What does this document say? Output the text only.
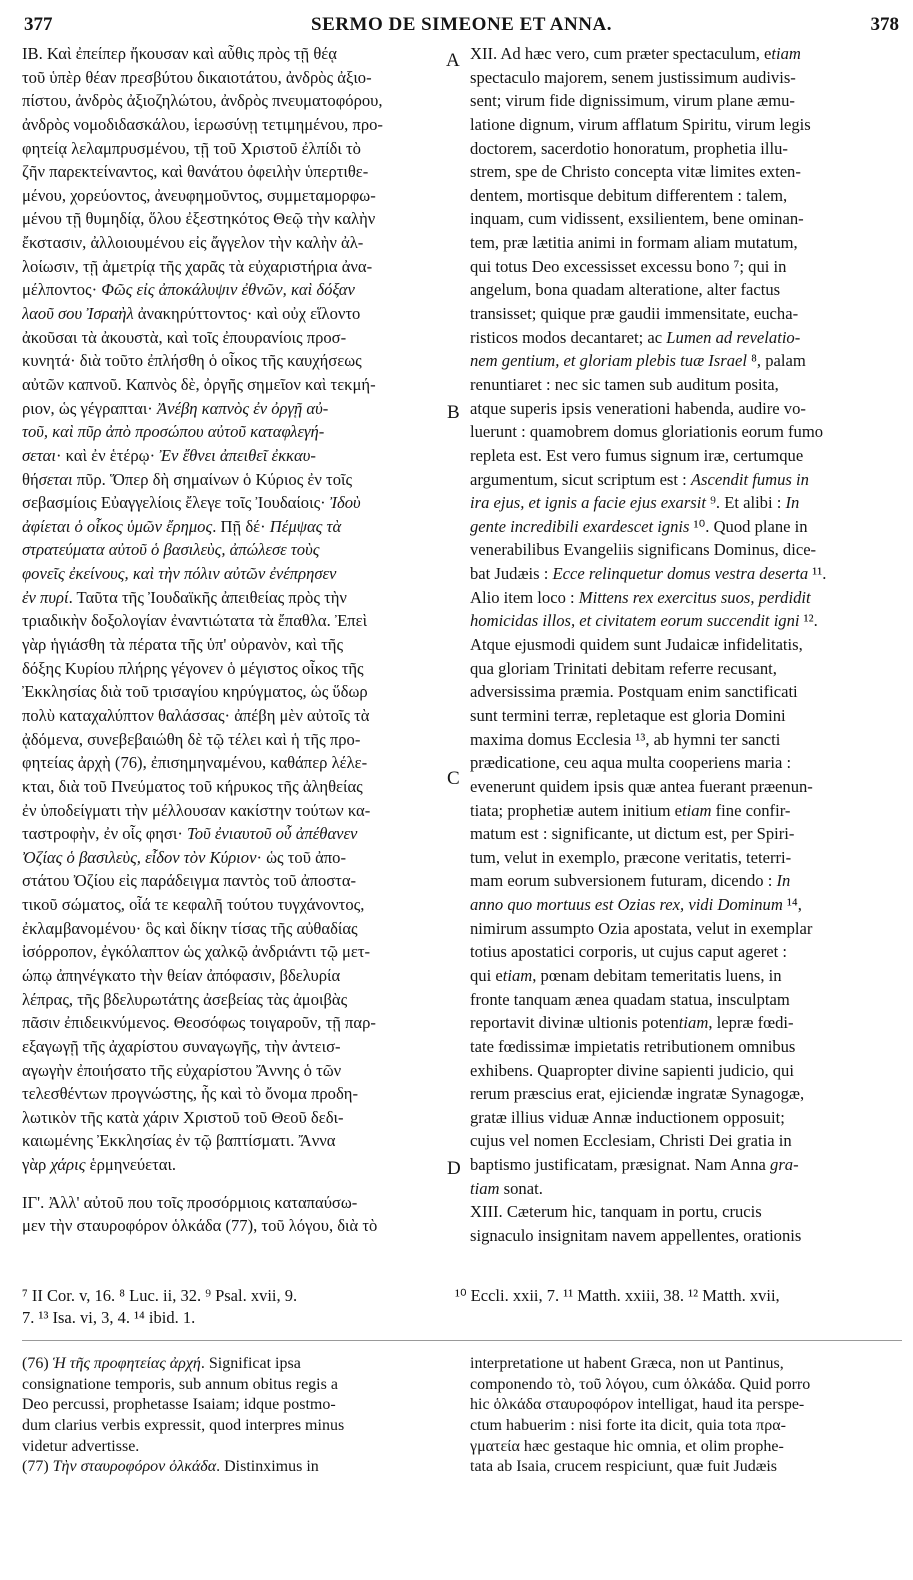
377	SERMO DE SIMEONE ET ANNA.	378
ΙΒ. Καὶ ἐπείπερ ἤκουσαν καὶ αὖθις πρὸς τῇ θέᾳ
τοῦ ὑπὲρ θέαν πρεσβύτου δικαιοτάτου, ἀνδρὸς ἀξιο-
πίστου, ἀνδρὸς ἀξιοζηλώτου, ἀνδρὸς πνευματοφόρου,
ἀνδρὸς νομοδιδασκάλου, ἱερωσύνῃ τετιμημένου, προ-
φητείᾳ λελαμπρυσμένου, τῇ τοῦ Χριστοῦ ἐλπίδι τὸ
ζῆν παρεκτείναντος, καὶ θανάτου ὀφειλὴν ὑπερτιθε-
μένου, χορεύοντος, ἀνευφημοῦντος, συμμεταμορφω-
μένου τῇ θυμηδίᾳ, ὅλου ἐξεστηκότος Θεῷ τὴν καλὴν
ἔκστασιν, ἀλλοιουμένου εἰς ἄγγελον τὴν καλὴν ἀλ-
λοίωσιν, τῇ ἀμετρίᾳ τῆς χαρᾶς τὰ εὐχαριστήρια ἀνα-
μέλποντος· Φῶς εἰς ἀποκάλυψιν ἐθνῶν, καὶ δόξαν
λαοῦ σου Ἰσραὴλ ἀνακηρύττοντος· καὶ οὐχ εἵλοντο
ἀκοῦσαι τὰ ἀκουστὰ, καὶ τοῖς ἐπουρανίοις προσ-
κυνητά· διὰ τοῦτο ἐπλήσθη ὁ οἶκος τῆς καυχήσεως
αὐτῶν καπνοῦ. Καπνὸς δὲ, ὀργῆς σημεῖον καὶ τεκμή-
ριον, ὡς γέγραπται· Ἀνέβη καπνὸς ἐν ὀργῇ αὐ-
τοῦ, καὶ πῦρ ἀπὸ προσώπου αὐτοῦ καταφλεγή-
σεται· καὶ ἐν ἑτέρῳ· Ἐν ἔθνει ἀπειθεῖ ἐκκαυ-
θήσεται πῦρ. Ὅπερ δὴ σημαίνων ὁ Κύριος ἐν τοῖς
σεβασμίοις Εὐαγγελίοις ἔλεγε τοῖς Ἰουδαίοις· Ἰδοὺ
ἀφίεται ὁ οἶκος ὑμῶν ἔρημος. Πῇ δέ· Πέμψας τὰ
στρατεύματα αὐτοῦ ὁ βασιλεὺς, ἀπώλεσε τοὺς
φονεῖς ἐκείνους, καὶ τὴν πόλιν αὐτῶν ἐνέπρησεν
ἐν πυρί. Ταῦτα τῆς Ἰουδαϊκῆς ἀπειθείας πρὸς τὴν
τριαδικὴν δοξολογίαν ἐναντιώτατα τὰ ἔπαθλα. Ἐπεὶ
γὰρ ἡγιάσθη τὰ πέρατα τῆς ὑπ' οὐρανὸν, καὶ τῆς
δόξης Κυρίου πλήρης γέγονεν ὁ μέγιστος οἶκος τῆς
Ἐκκλησίας διὰ τοῦ τρισαγίου κηρύγματος, ὡς ὕδωρ
πολὺ καταχαλύπτον θαλάσσας· ἀπέβη μὲν αὐτοῖς τὰ
ᾀδόμενα, συνεβεβαιώθη δὲ τῷ τέλει καὶ ἡ τῆς προ-
φητείας ἀρχὴ (76), ἐπισημηναμένου, καθάπερ λέλε-
κται, διὰ τοῦ Πνεύματος τοῦ κήρυκος τῆς ἀληθείας
ἐν ὑποδείγματι τὴν μέλλουσαν κακίστην τούτων κα-
ταστροφὴν, ἐν οἷς φησι· Τοῦ ἐνιαυτοῦ οὗ ἀπέθανεν
Ὀζίας ὁ βασιλεὺς, εἶδον τὸν Κύριον· ὡς τοῦ ἀπο-
στάτου Ὀζίου εἰς παράδειγμα παντὸς τοῦ ἀποστα-
τικοῦ σώματος, οἷά τε κεφαλῆ τούτου τυγχάνοντος,
ἐκλαμβανομένου· ὃς καὶ δίκην τίσας τῆς αὐθαδίας
ἰσόρροπον, ἐγκόλαπτον ὡς χαλκῷ ἀνδριάντι τῷ μετ-
ώπῳ ἀπηνέγκατο τὴν θείαν ἀπόφασιν, βδελυρία
λέπρας, τῆς βδελυρωτάτης ἀσεβείας τὰς ἀμοιβὰς
πᾶσιν ἐπιδεικνύμενος. Θεοσόφως τοιγαροῦν, τῇ παρ-
εξαγωγῇ τῆς ἀχαρίστου συναγωγῆς, τὴν ἀντεισ-
αγωγὴν ἐποιήσατο τῆς εὐχαρίστου Ἄννης ὁ τῶν
τελεσθέντων προγνώστης, ἧς καὶ τὸ ὄνομα προδη-
λωτικὸν τῆς κατὰ χάριν Χριστοῦ τοῦ Θεοῦ δεδι-
καιωμένης Ἐκκλησίας ἐν τῷ βαπτίσματι. Ἄννα
γὰρ χάρις ἑρμηνεύεται.
ΙΓ'. Ἀλλ' αὐτοῦ που τοῖς προσόρμιοις καταπαύσω-
μεν τὴν σταυροφόρον ὁλκάδα (77), τοῦ λόγου, διὰ τὸ
XII. Ad hæc vero, cum præter spectaculum, etiam
spectaculo majorem, senem justissimum audivis-
sent; virum fide dignissimum, virum plane æmu-
latione dignum, virum afflatum Spiritu, virum legis
doctorem, sacerdotio honoratum, prophetia illu-
strem, spe de Christo concepta vitæ limites exten-
dentem, mortisque debitum differentem : talem,
inquam, cum vidissent, exsilientem, bene ominan-
tem, præ lætitia animi in formam aliam mutatum,
qui totus Deo excessisset excessu bono ⁷; qui in
angelum, bona quadam alteratione, alter factus
transisset; quique præ gaudii immensitate, eucha-
risticos modos decantaret; ac Lumen ad revelatio-
nem gentium, et gloriam plebis tuæ Israel ⁸, palam
renuntiaret : nec sic tamen sub auditum posita,
atque superis ipsis venerationi habenda, audire vo-
luerunt : quamobrem domus gloriationis eorum fumo
repleta est. Est vero fumus signum iræ, certumque
argumentum, sicut scriptum est : Ascendit fumus in
ira ejus, et ignis a facie ejus exarsit ⁹. Et alibi : In
gente incredibili exardescet ignis ¹⁰. Quod plane in
venerabilibus Evangeliis significans Dominus, dice-
bat Judæis : Ecce relinquetur domus vestra deserta ¹¹.
Alio item loco : Mittens rex exercitus suos, perdidit
homicidas illos, et civitatem eorum succendit igni ¹².
Atque ejusmodi quidem sunt Judaicæ infidelitatis,
qua gloriam Trinitati debitam referre recusant,
adversissima præmia. Postquam enim sanctificati
sunt termini terræ, repletaque est gloria Domini
maxima domus Ecclesia ¹³, ab hymni ter sancti
prædicatione, ceu aqua multa cooperiens maria :
evenerunt quidem ipsis quæ antea fuerant præenun-
tiata; prophetiæ autem initium etiam fine confir-
matum est : significante, ut dictum est, per Spiri-
tum, velut in exemplo, præcone veritatis, teterri-
mam eorum subversionem futuram, dicendo : In
anno quo mortuus est Ozias rex, vidi Dominum ¹⁴,
nimirum assumpto Ozia apostata, velut in exemplar
totius apostatici corporis, ut cujus caput ageret :
qui etiam, pœnam debitam temeritatis luens, in
fronte tanquam ænea quadam statua, insculptam
reportavit divinæ ultionis potentiam, lepræ fœdi-
tate fœdissimæ impietatis retributionem omnibus
exhibens. Quapropter divine sapienti judicio, qui
rerum præscius erat, ejiciendæ ingratæ Synagogæ,
gratæ illius viduæ Annæ inductionem opposuit;
cujus vel nomen Ecclesiam, Christi Dei gratia in
baptismo justificatam, præsignat. Nam Anna gra-
tiam sonat.
XIII. Cæterum hic, tanquam in portu, crucis
signaculo insignitam navem appellentes, orationis
A
B
C
D
⁷ II Cor. v, 16. ⁸ Luc. ii, 32. ⁹ Psal. xvii, 9.	¹⁰ Eccli. xxii, 7. ¹¹ Matth. xxiii, 38. ¹² Matth. xvii,
7. ¹³ Isa. vi, 3, 4. ¹⁴ ibid. 1.
(76) Ἡ τῆς προφητείας ἀρχή. Significat ipsa
consignatione temporis, sub annum obitus regis a
Deo percussi, prophetasse Isaiam; idque postmo-
dum clarius verbis expressit, quod interpres minus
videtur advertisse.
(77) Τὴν σταυροφόρον ὁλκάδα. Distinximus in
interpretatione ut habent Græca, non ut Pantinus,
componendo τὸ, τοῦ λόγου, cum ὁλκάδα. Quid porro
hic ὁλκάδα σταυροφόρον intelligat, haud ita perspe-
ctum habuerim : nisi forte ita dicit, quia tota πρα-
γματεία hæc gestaque hic omnia, et olim prophe-
tata ab Isaia, crucem respiciunt, quæ fuit Judæis
